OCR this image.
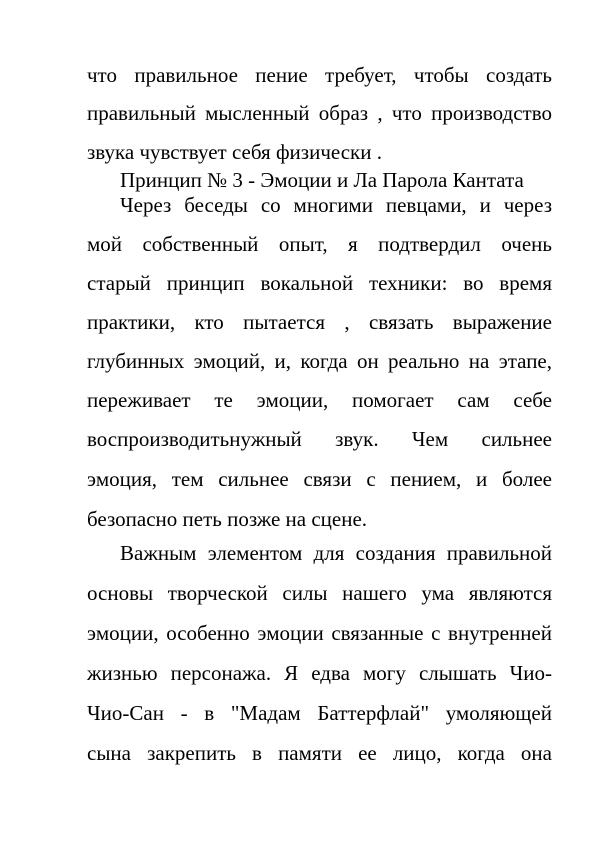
что правильное пение требует, чтобы создать
правильный мысленный образ , что производство
звука чувствует себя физически .
Принцип № 3 - Эмоции и Ла Парола Кантата
Через беседы со многими певцами, и через
мой собственный опыт, я подтвердил очень
старый принцип вокальной техники: во время
практики, кто пытается , связать выражение
глубинных эмоций, и, когда он реально на этапе,
переживает те эмоции, помогает сам себе
воспроизводитьнужный звук. Чем сильнее
эмоция, тем сильнее связи с пением, и более
безопасно петь позже на сцене.
Важным элементом для создания правильной
основы творческой силы нашего ума являются
эмоции, особенно эмоции связанные с внутренней
жизнью персонажа. Я едва могу слышать Чио-
Чио-Сан - в "Мадам Баттерфлай" умоляющей
сына закрепить в памяти ее лицо, когда она
